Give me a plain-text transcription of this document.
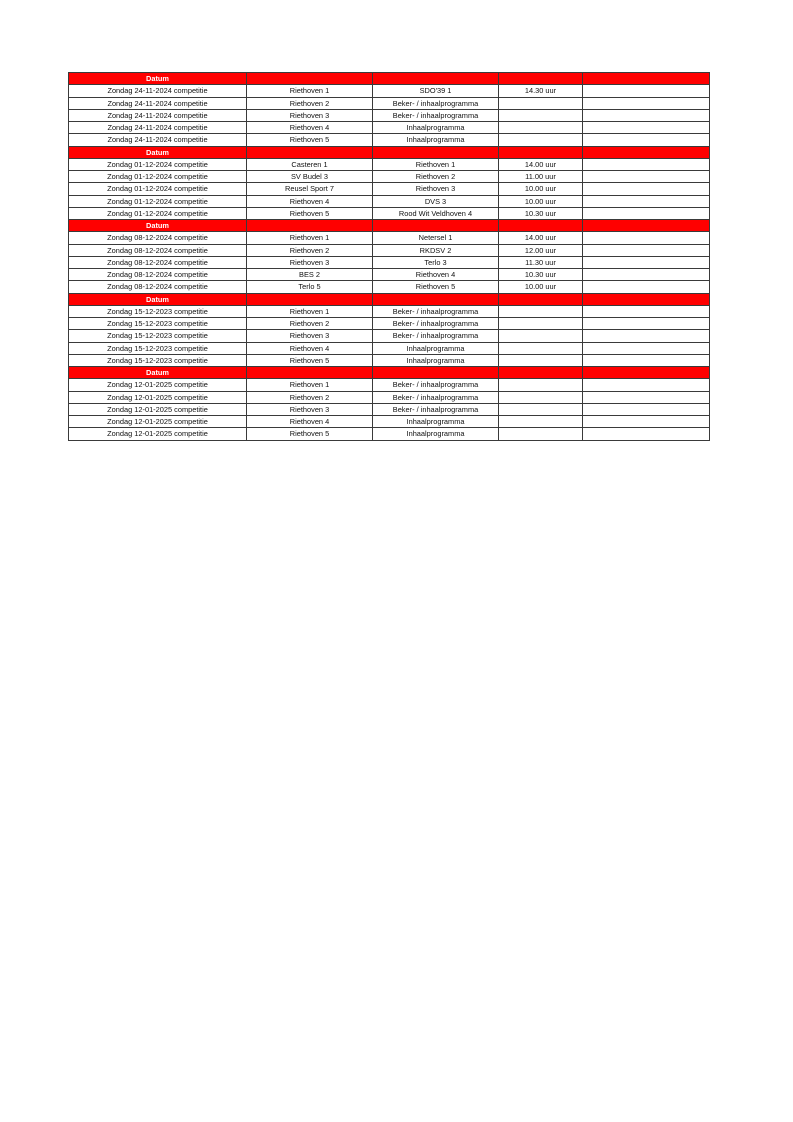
Datum				
Zondag 24-11-2024 competitie	Riethoven 1	SDO'39 1	14.30 uur	
Zondag 24-11-2024 competitie	Riethoven 2	Beker- / inhaalprogramma		
Zondag 24-11-2024 competitie	Riethoven 3	Beker- / inhaalprogramma		
Zondag 24-11-2024 competitie	Riethoven 4	Inhaalprogramma		
Zondag 24-11-2024 competitie	Riethoven 5	Inhaalprogramma		
Datum				
Zondag 01-12-2024 competitie	Casteren 1	Riethoven 1	14.00 uur	
Zondag 01-12-2024 competitie	SV Budel 3	Riethoven 2	11.00 uur	
Zondag 01-12-2024 competitie	Reusel Sport 7	Riethoven 3	10.00 uur	
Zondag 01-12-2024 competitie	Riethoven 4	DVS 3	10.00 uur	
Zondag 01-12-2024 competitie	Riethoven 5	Rood Wit Veldhoven 4	10.30 uur	
Datum				
Zondag 08-12-2024 competitie	Riethoven 1	Netersel 1	14.00 uur	
Zondag 08-12-2024 competitie	Riethoven 2	RKDSV 2	12.00 uur	
Zondag 08-12-2024 competitie	Riethoven 3	Terlo 3	11.30 uur	
Zondag 08-12-2024 competitie	BES 2	Riethoven 4	10.30 uur	
Zondag 08-12-2024 competitie	Terlo 5	Riethoven 5	10.00 uur	
Datum				
Zondag 15-12-2023 competitie	Riethoven 1	Beker- / inhaalprogramma		
Zondag 15-12-2023 competitie	Riethoven 2	Beker- / inhaalprogramma		
Zondag 15-12-2023 competitie	Riethoven 3	Beker- / inhaalprogramma		
Zondag 15-12-2023 competitie	Riethoven 4	Inhaalprogramma		
Zondag 15-12-2023 competitie	Riethoven 5	Inhaalprogramma		
Datum				
Zondag 12-01-2025 competitie	Riethoven 1	Beker- / inhaalprogramma		
Zondag 12-01-2025 competitie	Riethoven 2	Beker- / inhaalprogramma		
Zondag 12-01-2025 competitie	Riethoven 3	Beker- / inhaalprogramma		
Zondag 12-01-2025 competitie	Riethoven 4	Inhaalprogramma		
Zondag 12-01-2025 competitie	Riethoven 5	Inhaalprogramma		
